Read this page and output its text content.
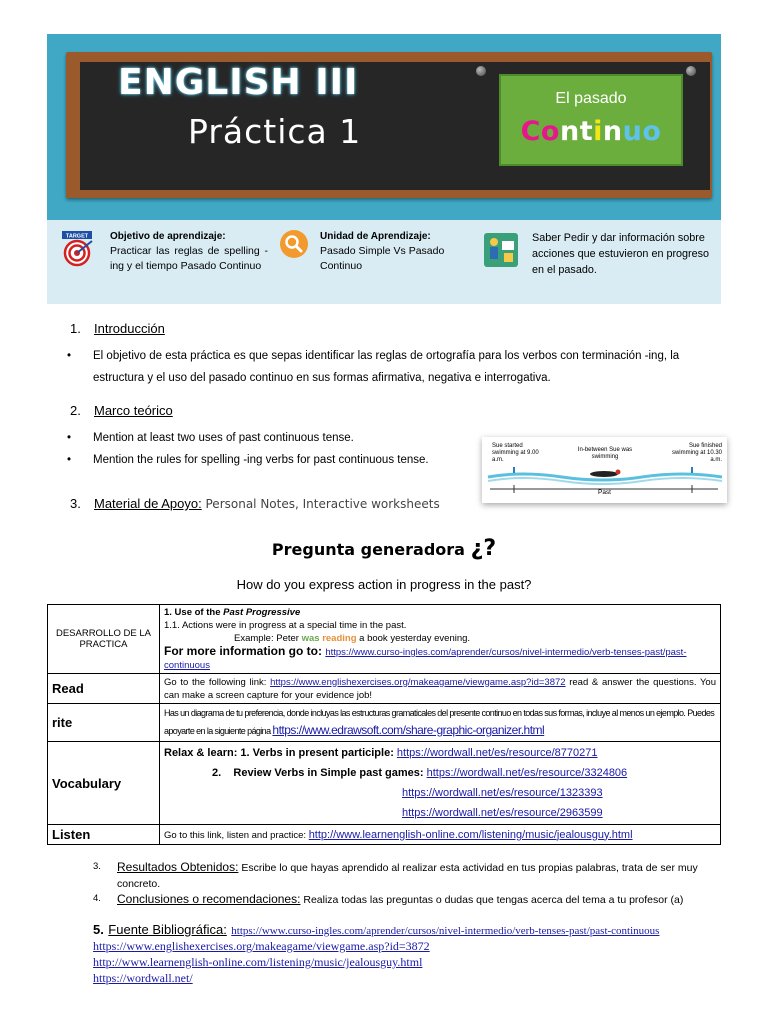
ENGLISH III
Práctica 1
El pasado
Continuo
TARGET Objetivo de aprendizaje:
Practicar las reglas de spelling - ing y el tiempo Pasado Continuo
Unidad de Aprendizaje:
Pasado Simple Vs Pasado Continuo
Saber Pedir y dar información sobre acciones que estuvieron en progreso en el pasado.
1. Introducción
• El objetivo de esta práctica es que sepas identificar las reglas de ortografía para los verbos con terminación -ing, la estructura y el uso del pasado continuo en sus formas afirmativa, negativa e interrogativa.
2. Marco teórico
• Mention at least two uses of past continuous tense.
• Mention the rules for spelling -ing verbs for past continuous tense.
3. Material de Apoyo: Personal Notes, Interactive worksheets
Sue started swimming at 9.00 a.m.
In-between Sue was swimming
Sue finished swimming at 10.30 a.m.
Past
Pregunta generadora ¿?
How do you express action in progress in the past?
DESARROLLO DE LA PRACTICA	1. Use of the Past Progressive
1.1. Actions were in progress at a special time in the past.
Example: Peter was reading a book yesterday evening.
For more information go to: https://www.curso-ingles.com/aprender/cursos/nivel-intermedio/verb-tenses-past/past-continuous

Read	Go to the following link: https://www.englishexercises.org/makeagame/viewgame.asp?id=3872 read & answer the questions. You can make a screen capture for your evidence job!
rite	Has un diagrama de tu preferencia, donde incluyas las estructuras gramaticales del presente continuo en todas sus formas, incluye al menos un ejemplo. Puedes apoyarte en la siguiente página https://www.edrawsoft.com/share-graphic-organizer.html
Vocabulary	Relax & learn: 1. Verbs in present participle: https://wordwall.net/es/resource/8770271
2. Review Verbs in Simple past games: https://wordwall.net/es/resource/3324806
https://wordwall.net/es/resource/1323393
https://wordwall.net/es/resource/2963599

Listen	Go to this link, listen and practice: http://www.learnenglish-online.com/listening/music/jealousguy.html
3.	Resultados Obtenidos: Escribe lo que hayas aprendido al realizar esta actividad en tus propias palabras, trata de ser muy concreto.
4.	Conclusiones o recomendaciones: Realiza todas las preguntas o dudas que tengas acerca del tema a tu profesor (a)
5. Fuente Bibliográfica: https://www.curso-ingles.com/aprender/cursos/nivel-intermedio/verb-tenses-past/past-continuous
https://www.englishexercises.org/makeagame/viewgame.asp?id=3872
http://www.learnenglish-online.com/listening/music/jealousguy.html
https://wordwall.net/
